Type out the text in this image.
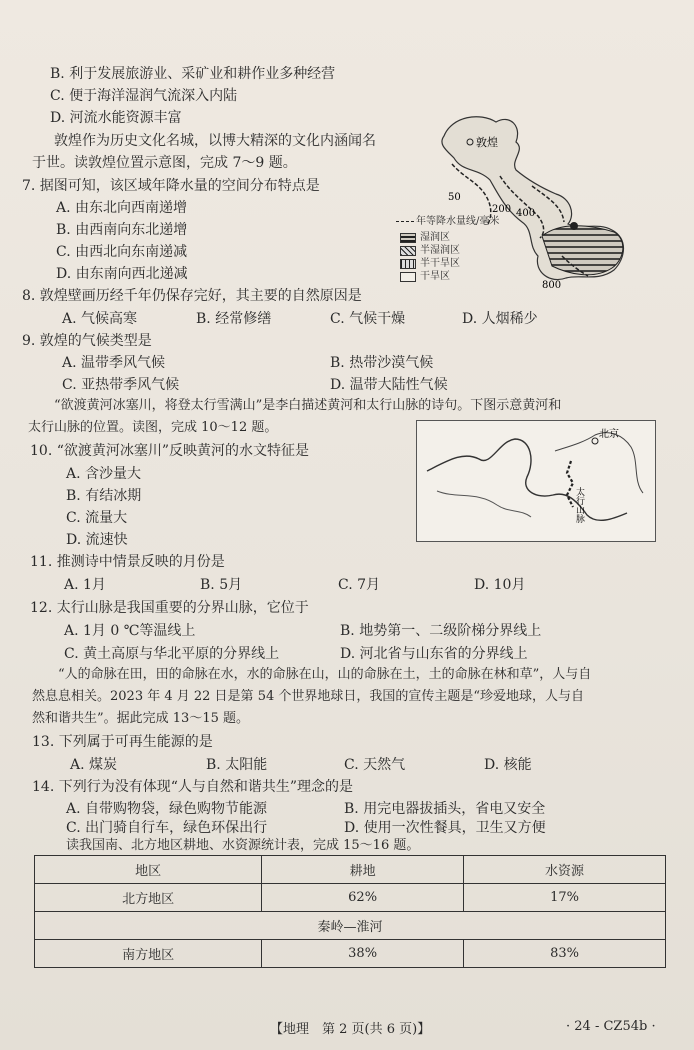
B. 利于发展旅游业、采矿业和耕作业多种经营
C. 便于海洋湿润气流深入内陆
D. 河流水能资源丰富
敦煌作为历史文化名城，以博大精深的文化内涵闻名
于世。读敦煌位置示意图，完成 7～9 题。
7. 据图可知，该区域年降水量的空间分布特点是
A. 由东北向西南递增
B. 由西南向东北递增
C. 由西北向东南递减
D. 由东南向西北递减
敦煌
50
200 400
800
年等降水量线/毫米
湿润区
半湿润区
半干旱区
干旱区
8. 敦煌壁画历经千年仍保存完好，其主要的自然原因是
A. 气候高寒	B. 经常修缮	C. 气候干燥	D. 人烟稀少
9. 敦煌的气候类型是
A. 温带季风气候	B. 热带沙漠气候
C. 亚热带季风气候	D. 温带大陆性气候
“欲渡黄河冰塞川，将登太行雪满山”是李白描述黄河和太行山脉的诗句。下图示意黄河和
太行山脉的位置。读图，完成 10～12 题。
10. “欲渡黄河冰塞川”反映黄河的水文特征是
A. 含沙量大
B. 有结冰期
C. 流量大
D. 流速快
北京
太行山脉
11. 推测诗中情景反映的月份是
A. 1月	B. 5月	C. 7月	D. 10月
12. 太行山脉是我国重要的分界山脉，它位于
A. 1月 0 ℃等温线上	B. 地势第一、二级阶梯分界线上
C. 黄土高原与华北平原的分界线上	D. 河北省与山东省的分界线上
“人的命脉在田，田的命脉在水，水的命脉在山，山的命脉在土，土的命脉在林和草”，人与自
然息息相关。2023 年 4 月 22 日是第 54 个世界地球日，我国的宣传主题是“珍爱地球，人与自
然和谐共生”。据此完成 13～15 题。
13. 下列属于可再生能源的是
A. 煤炭	B. 太阳能	C. 天然气	D. 核能
14. 下列行为没有体现“人与自然和谐共生”理念的是
A. 自带购物袋，绿色购物节能源	B. 用完电器拔插头，省电又安全
C. 出门骑自行车，绿色环保出行	D. 使用一次性餐具，卫生又方便
地区	耕地	水资源
北方地区	62%	17%
秦岭—淮河		
南方地区	38%	83%
读我国南、北方地区耕地、水资源统计表，完成 15～16 题。
【地理　第 2 页(共 6 页)】	· 24 - CZ54b ·
